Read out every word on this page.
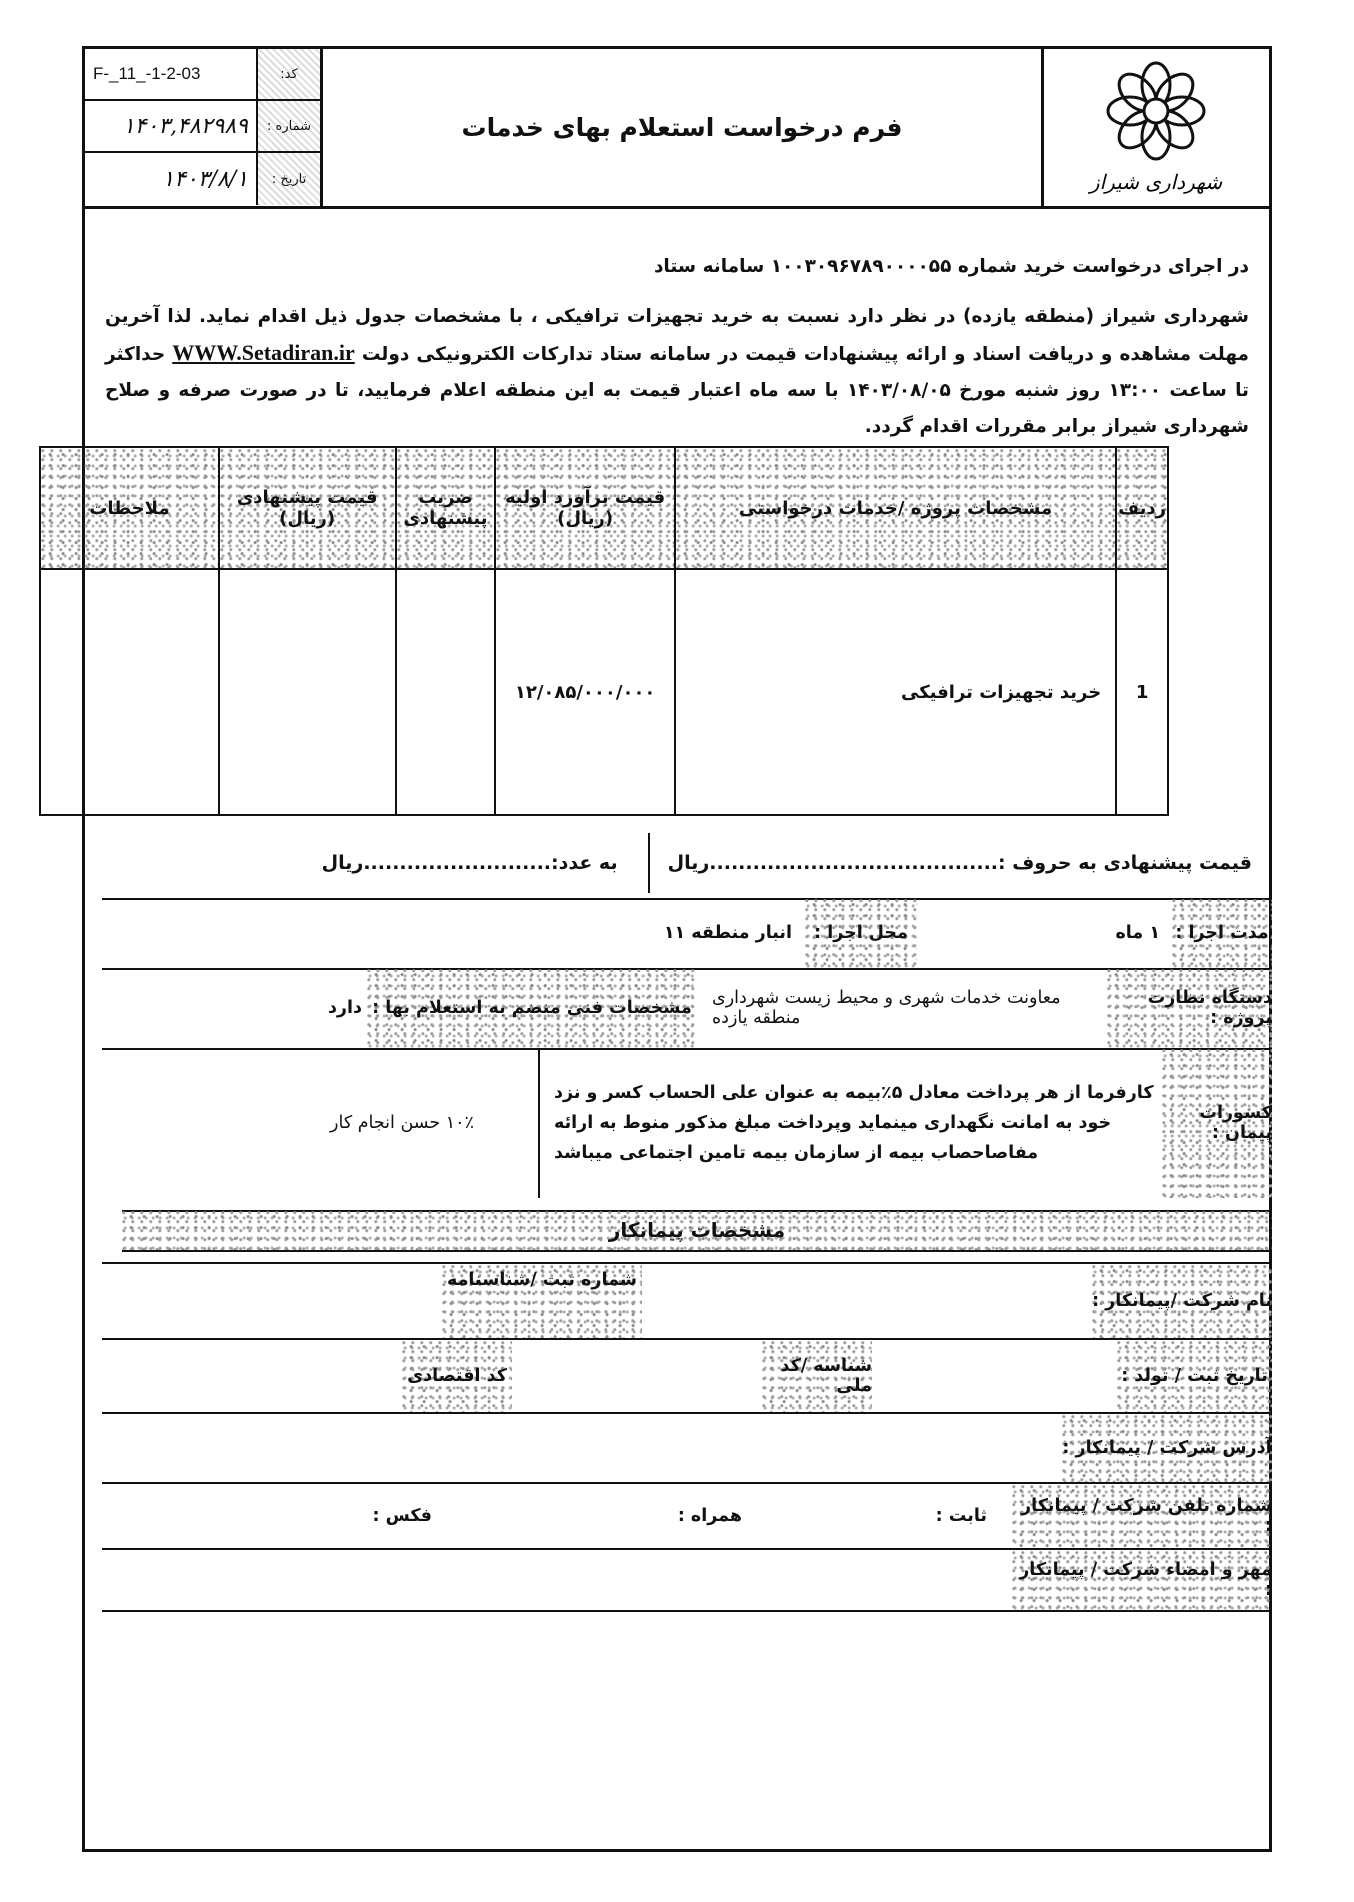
شهرداری شیراز
فرم درخواست استعلام بهای خدمات
کد:
F-_11_-1-2-03
شماره :
۱۴۰۳,۴۸۲۹۸۹
تاریخ :
۱۴۰۳/۸/۱

در اجرای درخواست خرید شماره ۱۰۰۳۰۹۶۷۸۹۰۰۰۰۵۵ سامانه ستاد

شهرداری شیراز (منطقه یازده) در نظر دارد نسبت به خرید تجهیزات ترافیکی ، با مشخصات جدول ذیل اقدام نماید. لذا آخرین مهلت مشاهده و دریافت اسناد و ارائه پیشنهادات قیمت در سامانه ستاد تدارکات الکترونیکی دولت WWW.Setadiran.ir حداکثر تا ساعت ۱۳:۰۰ روز شنبه مورخ ۱۴۰۳/۰۸/۰۵ با سه ماه اعتبار قیمت به این منطقه اعلام فرمایید، تا در صورت صرفه و صلاح شهرداری شیراز برابر مقررات اقدام گردد.

ردیف	مشخصات پروژه /خدمات درخواستی	قیمت برآورد اولیه (ریال)	ضریب پیشنهادی	قیمت پیشنهادی (ریال)	ملاحظات
1	خرید تجهیزات ترافیکی	۱۲/۰۸۵/۰۰۰/۰۰۰			
قیمت پیشنهادی به حروف :
........................................
ریال
به عدد:
..........................
ریال
مدت اجرا :
۱ ماه
محل اجرا :
انبار منطقه ۱۱
دستگاه نظارت پروژه :
معاونت خدمات شهری و محیط زیست شهرداری
منطقه یازده
مشخصات فنی منضم به استعلام بها :
دارد
کسورات پیمان :
کارفرما از هر پرداخت معادل ۵٪بیمه به عنوان علی الحساب کسر و نزد
خود به امانت نگهداری مینماید وپرداخت مبلغ مذکور منوط به ارائه
مفاصاحصاب بیمه از سازمان بیمه تامین اجتماعی میباشد
۱۰٪ حسن انجام کار
مشخصات پیمانکار
نام شرکت /پیمانکار :
شماره ثبت /شناسنامه
تاریخ ثبت / تولد :
شناسه /کد ملی
کد اقتصادی
آدرس شرکت / پیمانکار :
شماره تلفن شرکت / پیمانکار :
ثابت :
همراه :
فکس :
مهر و امضاء شرکت / پیمانکار :
